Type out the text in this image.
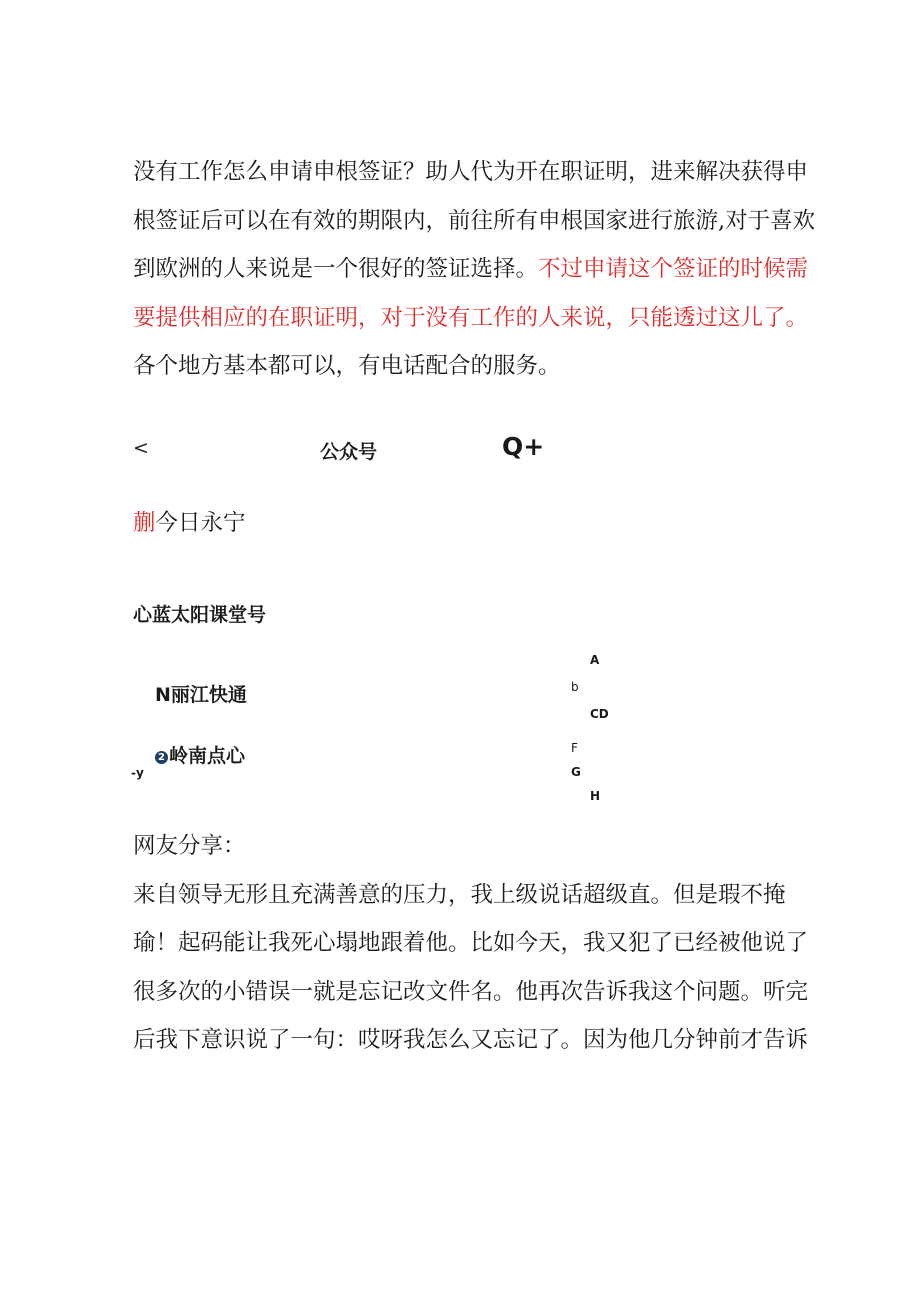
没有工作怎么申请申根签证？助人代为开在职证明，进来解决获得申
根签证后可以在有效的期限内，前往所有申根国家进行旅游,对于喜欢
到欧洲的人来说是一个很好的签证选择。不过申请这个签证的时候需
要提供相应的在职证明，对于没有工作的人来说，只能透过这儿了。
各个地方基本都可以，有电话配合的服务。
<	公众号	Q+
蒯今日永宁
心蓝太阳课堂号
N丽江快通
2 岭南点心
-y
A
b
CD
F
G
H
网友分享：
来自领导无形且充满善意的压力，我上级说话超级直。但是瑕不掩
瑜！起码能让我死心塌地跟着他。比如今天，我又犯了已经被他说了
很多次的小错误一就是忘记改文件名。他再次告诉我这个问题。听完
后我下意识说了一句：哎呀我怎么又忘记了。因为他几分钟前才告诉
